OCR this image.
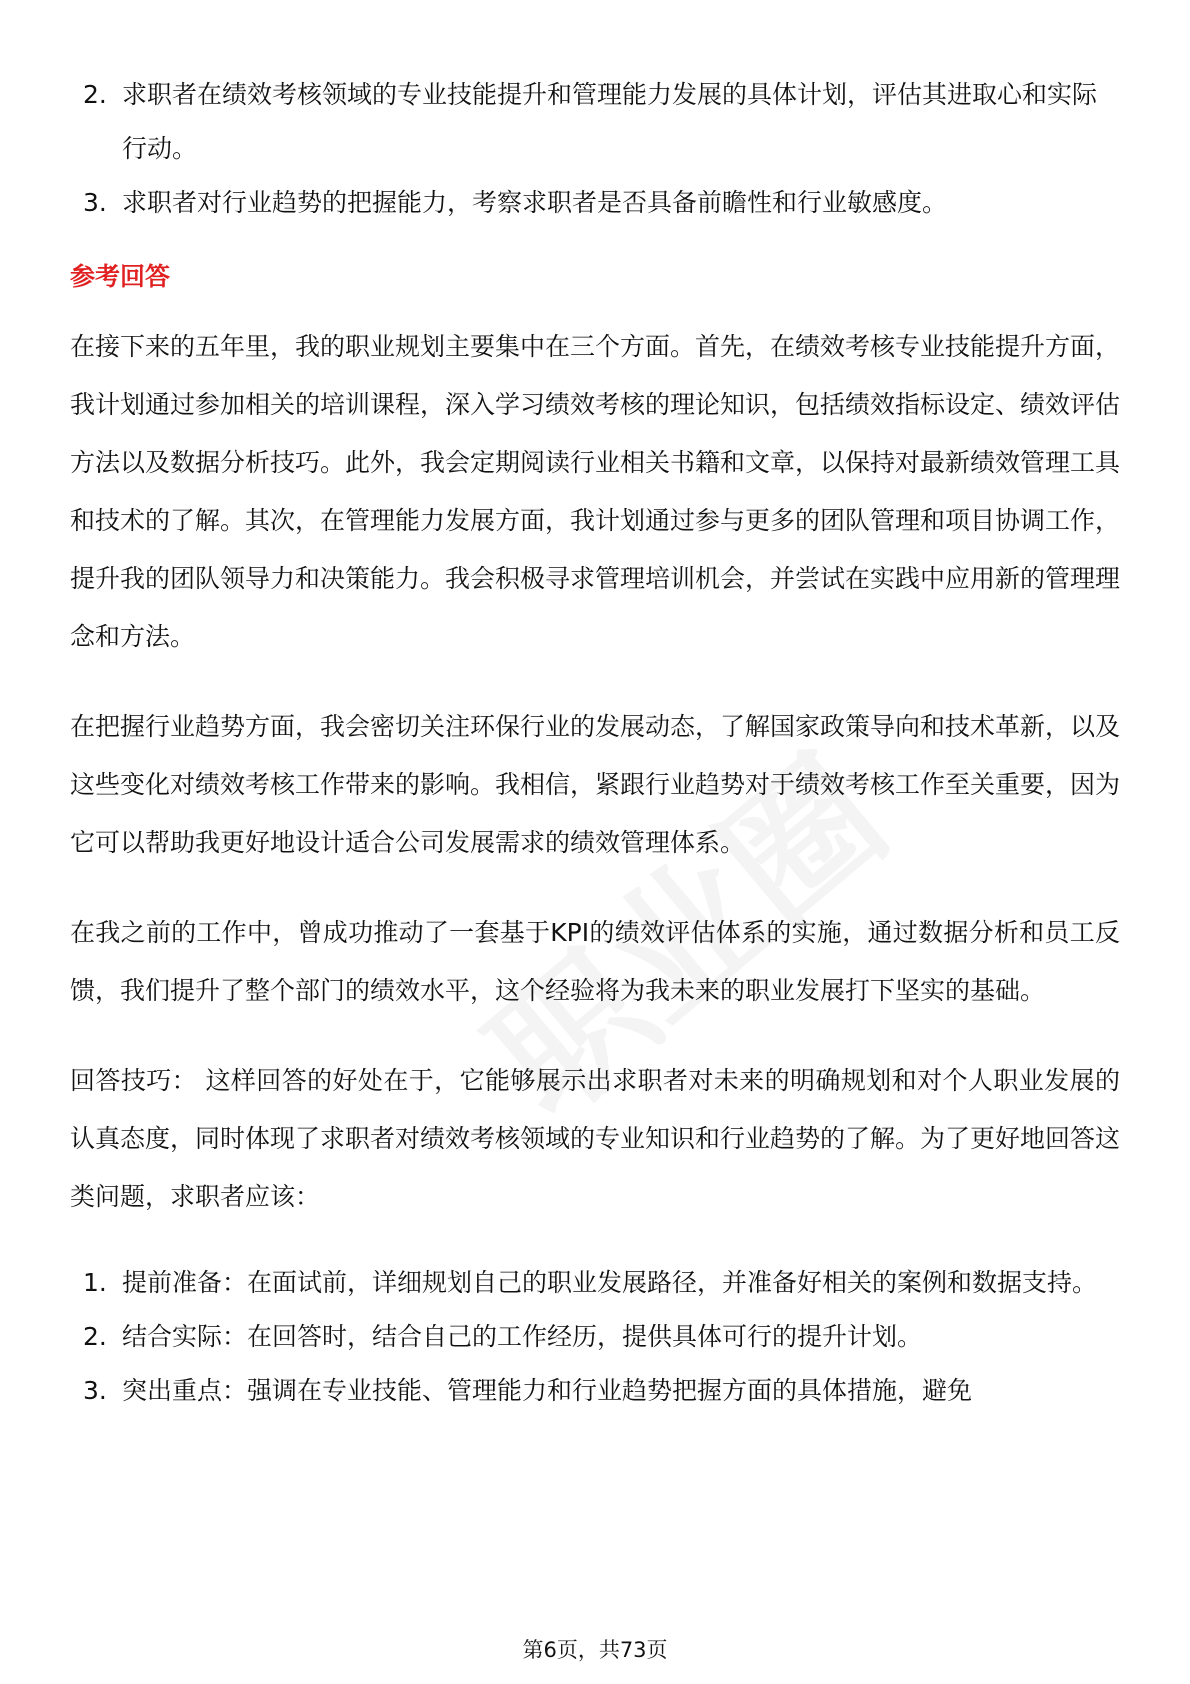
2. 求职者在绩效考核领域的专业技能提升和管理能力发展的具体计划，评估其进取心和实际行动。
3. 求职者对行业趋势的把握能力，考察求职者是否具备前瞻性和行业敏感度。
参考回答

在接下来的五年里，我的职业规划主要集中在三个方面。首先，在绩效考核专业技能提升方面，我计划通过参加相关的培训课程，深入学习绩效考核的理论知识，包括绩效指标设定、绩效评估方法以及数据分析技巧。此外，我会定期阅读行业相关书籍和文章，以保持对最新绩效管理工具和技术的了解。其次，在管理能力发展方面，我计划通过参与更多的团队管理和项目协调工作，提升我的团队领导力和决策能力。我会积极寻求管理培训机会，并尝试在实践中应用新的管理理念和方法。

在把握行业趋势方面，我会密切关注环保行业的发展动态，了解国家政策导向和技术革新，以及这些变化对绩效考核工作带来的影响。我相信，紧跟行业趋势对于绩效考核工作至关重要，因为它可以帮助我更好地设计适合公司发展需求的绩效管理体系。

在我之前的工作中，曾成功推动了一套基于KPI的绩效评估体系的实施，通过数据分析和员工反馈，我们提升了整个部门的绩效水平，这个经验将为我未来的职业发展打下坚实的基础。

回答技巧： 这样回答的好处在于，它能够展示出求职者对未来的明确规划和对个人职业发展的认真态度，同时体现了求职者对绩效考核领域的专业知识和行业趋势的了解。为了更好地回答这类问题，求职者应该：

1. 提前准备：在面试前，详细规划自己的职业发展路径，并准备好相关的案例和数据支持。
2. 结合实际：在回答时，结合自己的工作经历，提供具体可行的提升计划。
3. 突出重点：强调在专业技能、管理能力和行业趋势把握方面的具体措施，避免
第6页，共73页
